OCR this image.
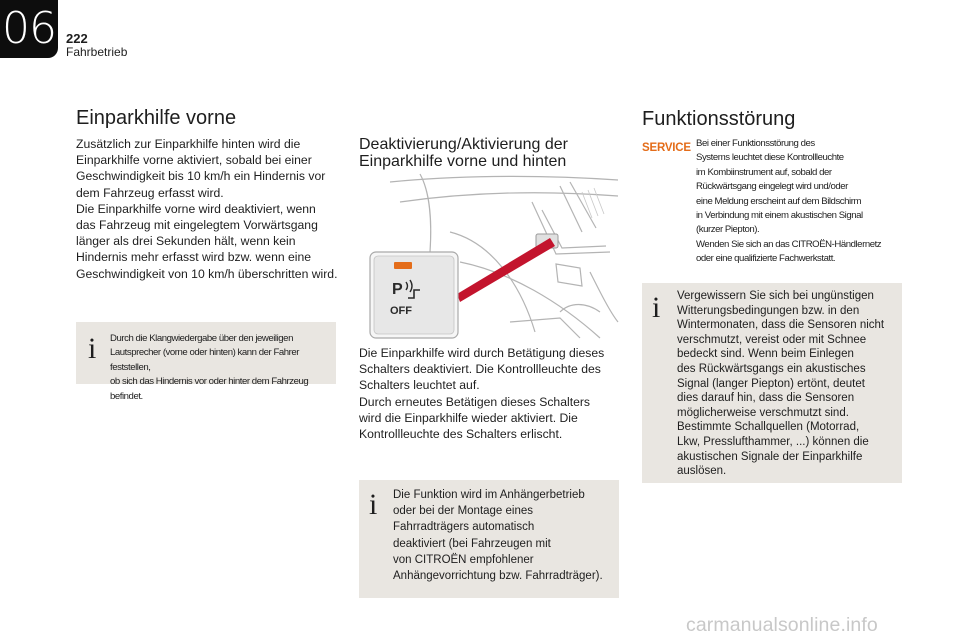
06 222
Fahrbetrieb
Einparkhilfe vorne
Zusätzlich zur Einparkhilfe hinten wird die
Einparkhilfe vorne aktiviert, sobald bei einer
Geschwindigkeit bis 10 km/h ein Hindernis vor
dem Fahrzeug erfasst wird.
Die Einparkhilfe vorne wird deaktiviert, wenn
das Fahrzeug mit eingelegtem Vorwärtsgang
länger als drei Sekunden hält, wenn kein
Hindernis mehr erfasst wird bzw. wenn eine
Geschwindigkeit von 10 km/h überschritten wird.
i Durch die Klangwiedergabe über den jeweiligen
Lautsprecher (vorne oder hinten) kann der Fahrer feststellen,
ob sich das Hindernis vor oder hinter dem Fahrzeug befindet.
Deaktivierung/Aktivierung der
Einparkhilfe vorne und hinten
P
OFF
Die Einparkhilfe wird durch Betätigung dieses
Schalters deaktiviert. Die Kontrollleuchte des
Schalters leuchtet auf.
Durch erneutes Betätigen dieses Schalters
wird die Einparkhilfe wieder aktiviert. Die
Kontrollleuchte des Schalters erlischt.
i Die Funktion wird im Anhängerbetrieb
oder bei der Montage eines
Fahrradträgers automatisch
deaktiviert (bei Fahrzeugen mit
von CITROËN empfohlener
Anhängevorrichtung bzw. Fahrradträger).
Funktionsstörung
SERVICE Bei einer Funktionsstörung des
Systems leuchtet diese Kontrollleuchte
im Kombiinstrument auf, sobald der
Rückwärtsgang eingelegt wird und/oder
eine Meldung erscheint auf dem Bildschirm
in Verbindung mit einem akustischen Signal
(kurzer Piepton).
Wenden Sie sich an das CITROËN-Händlernetz
oder eine qualifizierte Fachwerkstatt.
i Vergewissern Sie sich bei ungünstigen
Witterungsbedingungen bzw. in den
Wintermonaten, dass die Sensoren nicht
verschmutzt, vereist oder mit Schnee
bedeckt sind. Wenn beim Einlegen
des Rückwärtsgangs ein akustisches
Signal (langer Piepton) ertönt, deutet
dies darauf hin, dass die Sensoren
möglicherweise verschmutzt sind.
Bestimmte Schallquellen (Motorrad,
Lkw, Presslufthammer, ...) können die
akustischen Signale der Einparkhilfe
auslösen.
carmanualsonline.info
